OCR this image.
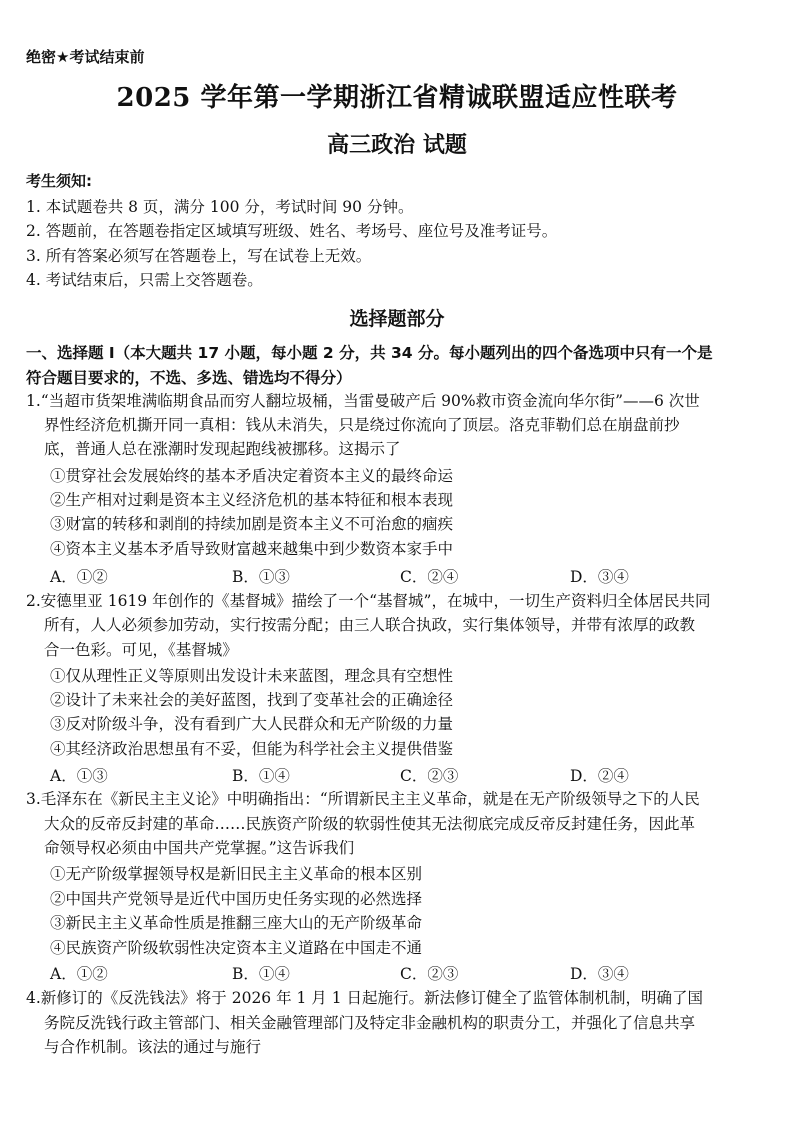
绝密★考试结束前
2025 学年第一学期浙江省精诚联盟适应性联考
高三政治 试题
考生须知:
1. 本试题卷共 8 页，满分 100 分，考试时间 90 分钟。
2. 答题前，在答题卷指定区域填写班级、姓名、考场号、座位号及准考证号。
3. 所有答案必须写在答题卷上，写在试卷上无效。
4. 考试结束后，只需上交答题卷。
选择题部分
一、选择题 I（本大题共 17 小题，每小题 2 分，共 34 分。每小题列出的四个备选项中只有一个是
符合题目要求的，不选、多选、错选均不得分）
1.“当超市货架堆满临期食品而穷人翻垃圾桶，当雷曼破产后 90%救市资金流向华尔街”——6 次世
界性经济危机撕开同一真相：钱从未消失，只是绕过你流向了顶层。洛克菲勒们总在崩盘前抄
底，普通人总在涨潮时发现起跑线被挪移。这揭示了
①贯穿社会发展始终的基本矛盾决定着资本主义的最终命运
②生产相对过剩是资本主义经济危机的基本特征和根本表现
③财富的转移和剥削的持续加剧是资本主义不可治愈的痼疾
④资本主义基本矛盾导致财富越来越集中到少数资本家手中
A．①②	B．①③	C．②④	D．③④
2.安德里亚 1619 年创作的《基督城》描绘了一个“基督城”，在城中，一切生产资料归全体居民共同
所有，人人必须参加劳动，实行按需分配；由三人联合执政，实行集体领导，并带有浓厚的政教
合一色彩。可见，《基督城》
①仅从理性正义等原则出发设计未来蓝图，理念具有空想性
②设计了未来社会的美好蓝图，找到了变革社会的正确途径
③反对阶级斗争，没有看到广大人民群众和无产阶级的力量
④其经济政治思想虽有不妥，但能为科学社会主义提供借鉴
A．①③	B．①④	C．②③	D．②④
3.毛泽东在《新民主主义论》中明确指出：“所谓新民主主义革命，就是在无产阶级领导之下的人民
大众的反帝反封建的革命……民族资产阶级的软弱性使其无法彻底完成反帝反封建任务，因此革
命领导权必须由中国共产党掌握。”这告诉我们
①无产阶级掌握领导权是新旧民主主义革命的根本区别
②中国共产党领导是近代中国历史任务实现的必然选择
③新民主主义革命性质是推翻三座大山的无产阶级革命
④民族资产阶级软弱性决定资本主义道路在中国走不通
A．①②	B．①④	C．②③	D．③④
4.新修订的《反洗钱法》将于 2026 年 1 月 1 日起施行。新法修订健全了监管体制机制，明确了国
务院反洗钱行政主管部门、相关金融管理部门及特定非金融机构的职责分工，并强化了信息共享
与合作机制。该法的通过与施行
